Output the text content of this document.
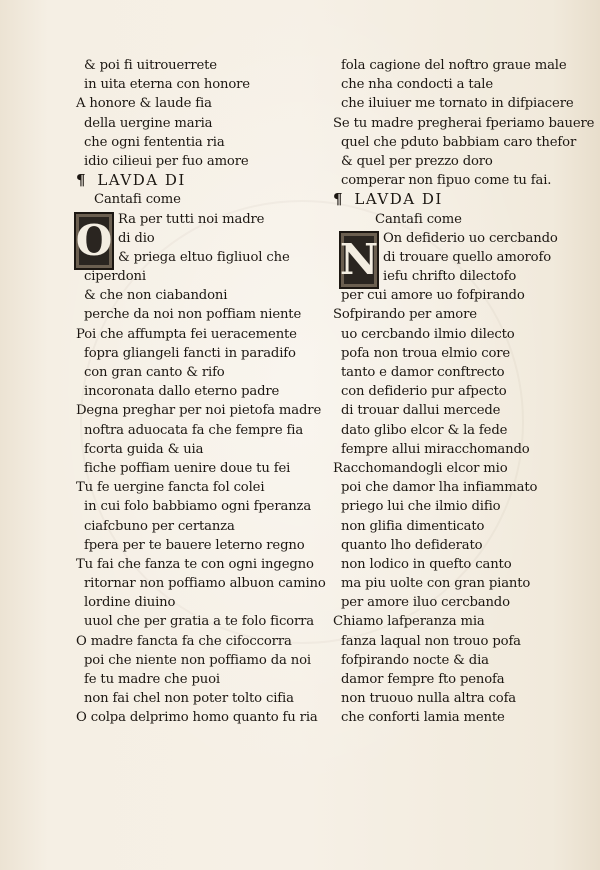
& poi fi uitrouerrete
in uita eterna con honore
A honore & laude fia
della uergine maria
che ogni fententia ria
idio cilieui per fuo amore
¶ LAVDA DI
Cantafi come
O Ra per tutti noi madre
di dio
& priega eltuo figliuol che
ciperdoni
& che non ciabandoni
perche da noi non poffiam niente
Poi che affumpta fei ueracemente
fopra gliangeli fancti in paradifo
con gran canto & rifo
incoronata dallo eterno padre
Degna preghar per noi pietofa madre
noftra aduocata fa che fempre fia
fcorta guida & uia
fiche poffiam uenire doue tu fei
Tu fe uergine fancta fol colei
in cui folo babbiamo ogni fperanza
ciafcbuno per certanza
fpera per te bauere leterno regno
Tu fai che fanza te con ogni ingegno
ritornar non poffiamo albuon camino
lordine diuino
uuol che per gratia a te folo ficorra
O madre fancta fa che cifoccorra
poi che niente non poffiamo da noi
fe tu madre che puoi
non fai chel non poter tolto cifia
O colpa delprimo homo quanto fu ria
fola cagione del noftro graue male
che nha condocti a tale
che iluiuer me tornato in difpiacere
Se tu madre pregherai fperiamo bauere
quel che pduto babbiam caro thefor
& quel per prezzo doro
comperar non fipuo come tu fai.
¶ LAVDA DI
Cantafi come
N On defiderio uo cercbando
di trouare quello amorofo
iefu chrifto dilectofo
per cui amore uo fofpirando
Sofpirando per amore
uo cercbando ilmio dilecto
pofa non troua elmio core
tanto e damor conftrecto
con defiderio pur afpecto
di trouar dallui mercede
dato glibo elcor & la fede
fempre allui miracchomando
Racchomandogli elcor mio
poi che damor lha infiammato
priego lui che ilmio difio
non glifia dimenticato
quanto lho defiderato
non lodico in quefto canto
ma piu uolte con gran pianto
per amore iluo cercbando
Chiamo lafperanza mia
fanza laqual non trouo pofa
fofpirando nocte & dia
damor fempre fto penofa
non truouo nulla altra cofa
che conforti lamia mente
